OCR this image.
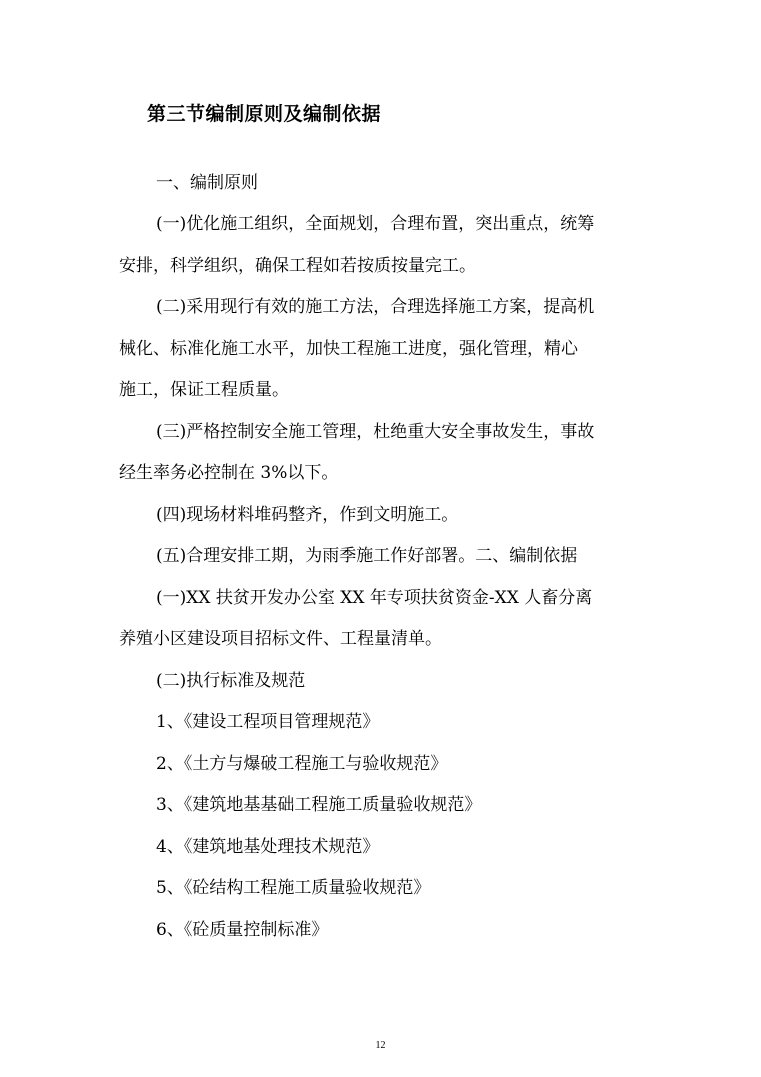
第三节编制原则及编制依据
一、编制原则
(一)优化施工组织，全面规划，合理布置，突出重点，统筹
安排，科学组织，确保工程如若按质按量完工。
(二)采用现行有效的施工方法，合理选择施工方案，提高机
械化、标准化施工水平，加快工程施工进度，强化管理，精心
施工，保证工程质量。
(三)严格控制安全施工管理，杜绝重大安全事故发生，事故
经生率务必控制在 3%以下。
(四)现场材料堆码整齐，作到文明施工。
(五)合理安排工期，为雨季施工作好部署。二、编制依据
(一)XX 扶贫开发办公室 XX 年专项扶贫资金-XX 人畜分离
养殖小区建设项目招标文件、工程量清单。
(二)执行标准及规范
1、《建设工程项目管理规范》
2、《土方与爆破工程施工与验收规范》
3、《建筑地基基础工程施工质量验收规范》
4、《建筑地基处理技术规范》
5、《砼结构工程施工质量验收规范》
6、《砼质量控制标准》
12
